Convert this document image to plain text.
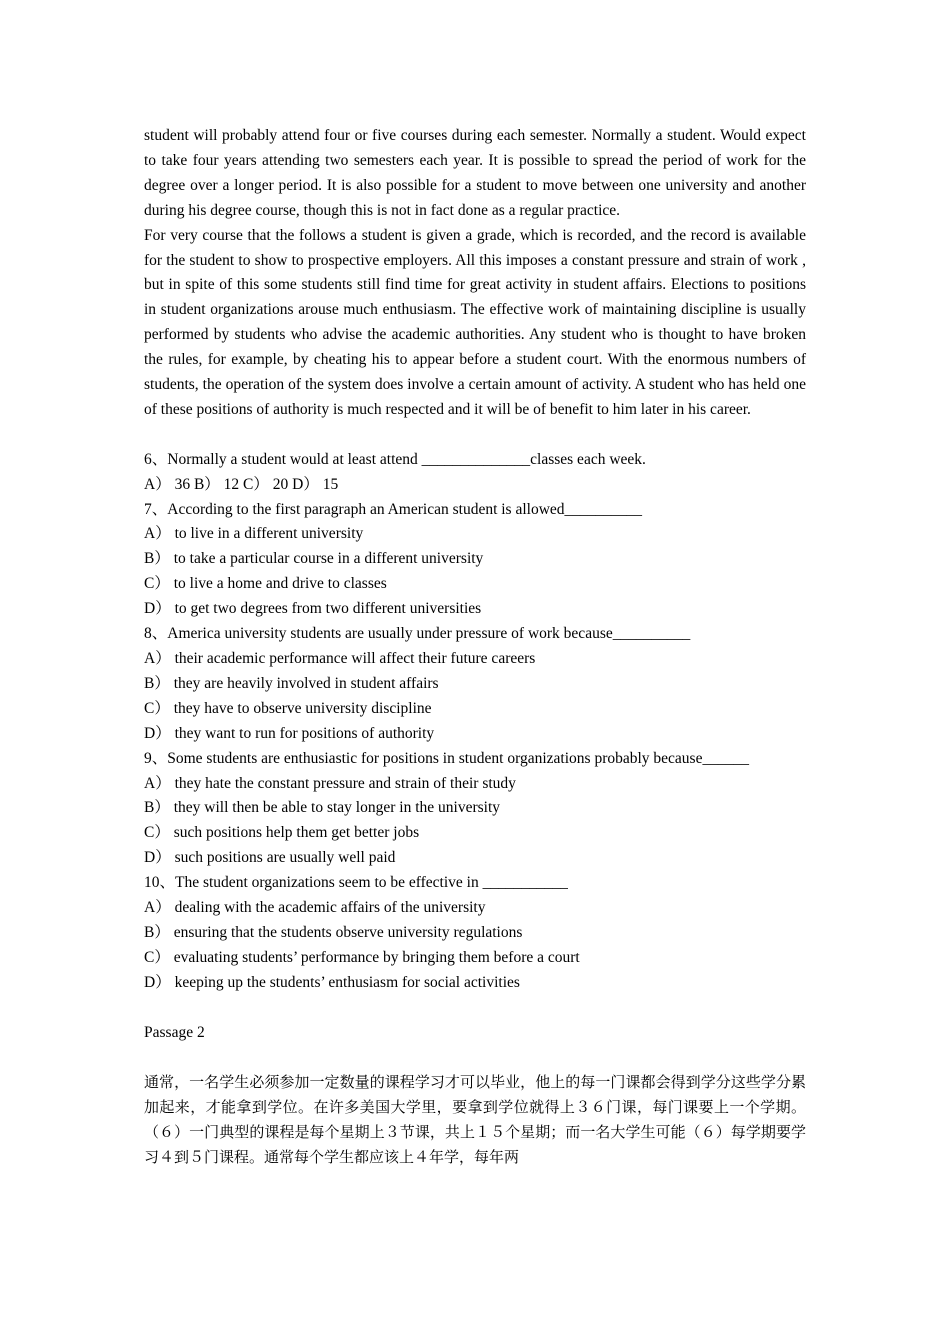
student will probably attend four or five courses during each semester. Normally a student. Would expect to take four years attending two semesters each year. It is possible to spread the period of work for the degree over a longer period. It is also possible for a student to move between one university and another during his degree course, though this is not in fact done as a regular practice.

For very course that the follows a student is given a grade, which is recorded, and the record is available for the student to show to prospective employers. All this imposes a constant pressure and strain of work , but in spite of this some students still find time for great activity in student affairs. Elections to positions in student organizations arouse much enthusiasm. The effective work of maintaining discipline is usually performed by students who advise the academic authorities. Any student who is thought to have broken the rules, for example, by cheating his to appear before a student court. With the enormous numbers of students, the operation of the system does involve a certain amount of activity. A student who has held one of these positions of authority is much respected and it will be of benefit to him later in his career.

6、Normally a student would at least attend ______________classes each week.
A） 36 B） 12 C） 20 D） 15
7、According to the first paragraph an American student is allowed__________
A） to live in a different university
B） to take a particular course in a different university
C） to live a home and drive to classes
D） to get two degrees from two different universities
8、America university students are usually under pressure of work because__________
A） their academic performance will affect their future careers
B） they are heavily involved in student affairs
C） they have to observe university discipline
D） they want to run for positions of authority
9、Some students are enthusiastic for positions in student organizations probably because______
A） they hate the constant pressure and strain of their study
B） they will then be able to stay longer in the university
C） such positions help them get better jobs
D） such positions are usually well paid
10、The student organizations seem to be effective in ___________
A） dealing with the academic affairs of the university
B） ensuring that the students observe university regulations
C） evaluating students’ performance by bringing them before a court
D） keeping up the students’ enthusiasm for social activities
Passage 2

通常，一名学生必须参加一定数量的课程学习才可以毕业，他上的每一门课都会得到学分这些学分累加起来，才能拿到学位。在许多美国大学里，要拿到学位就得上３６门课，每门课要上一个学期。（６）一门典型的课程是每个星期上３节课，共上１５个星期；而一名大学生可能（６）每学期要学习４到５门课程。通常每个学生都应该上４年学，每年两
